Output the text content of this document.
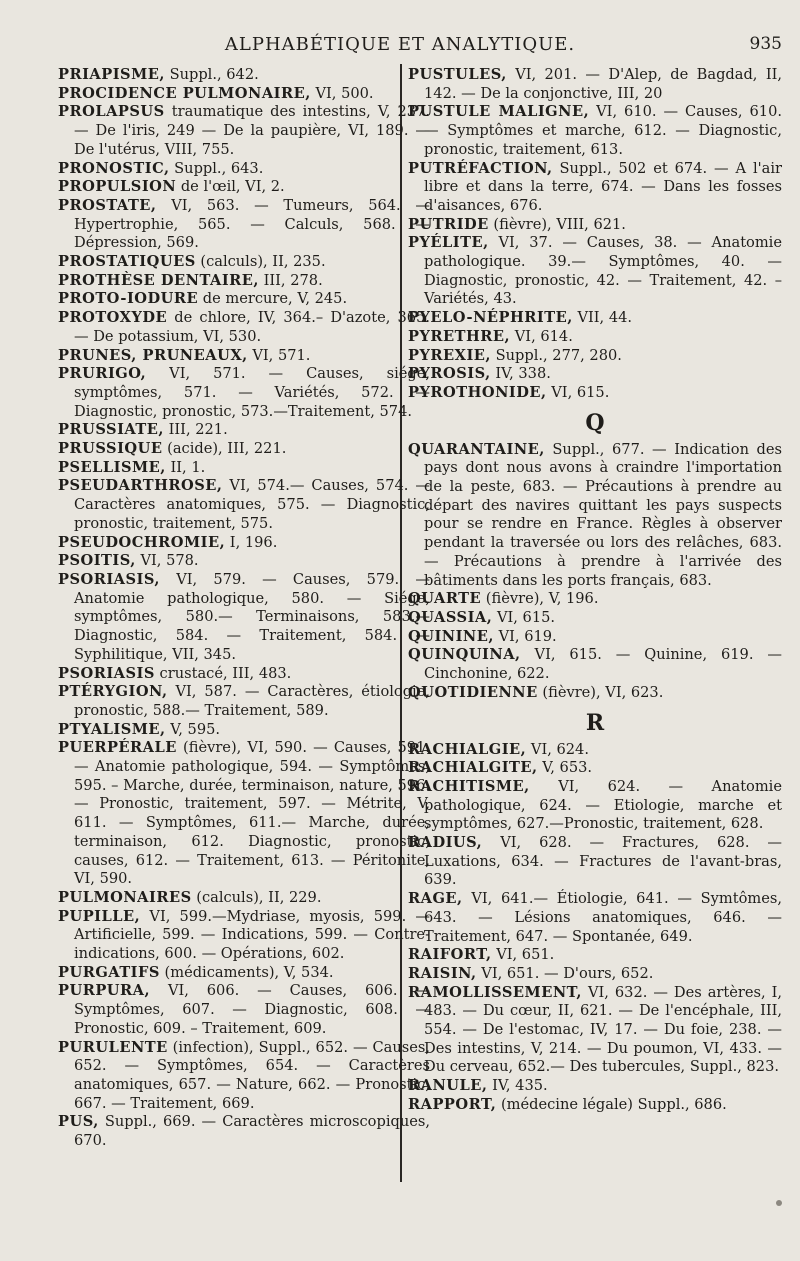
ALPHABÉTIQUE ET ANALYTIQUE.	935

PRIAPISME, Suppl., 642.

PROCIDENCE PULMONAIRE, VI, 500.

PROLAPSUS traumatique des intestins, V, 237. — De l'iris, 249 — De la paupière, VI, 189. — De l'utérus, VIII, 755.

PRONOSTIC, Suppl., 643.

PROPULSION de l'œil, VI, 2.

PROSTATE, VI, 563. — Tumeurs, 564. — Hypertrophie, 565. — Calculs, 568. — Dépression, 569.

PROSTATIQUES (calculs), II, 235.

PROTHÈSE DENTAIRE, III, 278.

PROTO-IODURE de mercure, V, 245.

PROTOXYDE de chlore, IV, 364.– D'azote, 365. — De potassium, VI, 530.

PRUNES, PRUNEAUX, VI, 571.

PRURIGO, VI, 571. — Causes, siége, symptômes, 571. — Variétés, 572. — Diagnostic, pronostic, 573.—Traitement, 574.

PRUSSIATE, III, 221.

PRUSSIQUE (acide), III, 221.

PSELLISME, II, 1.

PSEUDARTHROSE, VI, 574.— Causes, 574. — Caractères anatomiques, 575. — Diagnostic, pronostic, traitement, 575.

PSEUDOCHROMIE, I, 196.

PSOITIS, VI, 578.

PSORIASIS, VI, 579. — Causes, 579. — Anatomie pathologique, 580. — Siége, symptômes, 580.— Terminaisons, 583.— Diagnostic, 584. — Traitement, 584. — Syphilitique, VII, 345.

PSORIASIS crustacé, III, 483.

PTÉRYGION, VI, 587. — Caractères, étiologie, pronostic, 588.— Traitement, 589.

PTYALISME, V, 595.

PUERPÉRALE (fièvre), VI, 590. — Causes, 591. — Anatomie pathologique, 594. — Symptômes, 595. – Marche, durée, terminaison, nature, 596. — Pronostic, traitement, 597. — Métrite, V, 611. — Symptômes, 611.— Marche, durée, terminaison, 612. Diagnostic, pronostic, causes, 612. — Traitement, 613. — Péritonite, VI, 590.

PULMONAIRES (calculs), II, 229.

PUPILLE, VI, 599.—Mydriase, myosis, 599. — Artificielle, 599. — Indications, 599. — Contre-indications, 600. — Opérations, 602.

PURGATIFS (médicaments), V, 534.

PURPURA, VI, 606. — Causes, 606. — Symptômes, 607. — Diagnostic, 608. — Pronostic, 609. – Traitement, 609.

PURULENTE (infection), Suppl., 652. — Causes, 652. — Symptômes, 654. — Caractères anatomiques, 657. — Nature, 662. — Pronostic, 667. — Traitement, 669.

PUS, Suppl., 669. — Caractères microscopiques, 670.

PUSTULES, VI, 201. — D'Alep, de Bagdad, II, 142. — De la conjonctive, III, 20

PUSTULE MALIGNE, VI, 610. — Causes, 610. — Symptômes et marche, 612. — Diagnostic, pronostic, traitement, 613.

PUTRÉFACTION, Suppl., 502 et 674. — A l'air libre et dans la terre, 674. — Dans les fosses d'aisances, 676.

PUTRIDE (fièvre), VIII, 621.

PYÉLITE, VI, 37. — Causes, 38. — Anatomie pathologique. 39.— Symptômes, 40. — Diagnostic, pronostic, 42. — Traitement, 42. – Variétés, 43.

PYELO-NÉPHRITE, VII, 44.

PYRETHRE, VI, 614.

PYREXIE, Suppl., 277, 280.

PYROSIS, IV, 338.

PYROTHONIDE, VI, 615.

Q

QUARANTAINE, Suppl., 677. — Indication des pays dont nous avons à craindre l'importation de la peste, 683. — Précautions à prendre au départ des navires quittant les pays suspects pour se rendre en France. Règles à observer pendant la traversée ou lors des relâches, 683. — Précautions à prendre à l'arrivée des bâtiments dans les ports français, 683.

QUARTE (fièvre), V, 196.

QUASSIA, VI, 615.

QUININE, VI, 619.

QUINQUINA, VI, 615. — Quinine, 619. — Cinchonine, 622.

QUOTIDIENNE (fièvre), VI, 623.

R

RACHIALGIE, VI, 624.

RACHIALGITE, V, 653.

RACHITISME, VI, 624. — Anatomie pathologique, 624. — Etiologie, marche et symptômes, 627.—Pronostic, traitement, 628.

RADIUS, VI, 628. — Fractures, 628. — Luxations, 634. — Fractures de l'avant-bras, 639.

RAGE, VI, 641.— Étiologie, 641. — Symtômes, 643. — Lésions anatomiques, 646. — Traitement, 647. — Spontanée, 649.

RAIFORT, VI, 651.

RAISIN, VI, 651. — D'ours, 652.

RAMOLLISSEMENT, VI, 632. — Des artères, I, 483. — Du cœur, II, 621. — De l'encéphale, III, 554. — De l'estomac, IV, 17. — Du foie, 238. — Des intestins, V, 214. — Du poumon, VI, 433. — Du cerveau, 652.— Des tubercules, Suppl., 823.

RANULE, IV, 435.

RAPPORT, (médecine légale) Suppl., 686.
